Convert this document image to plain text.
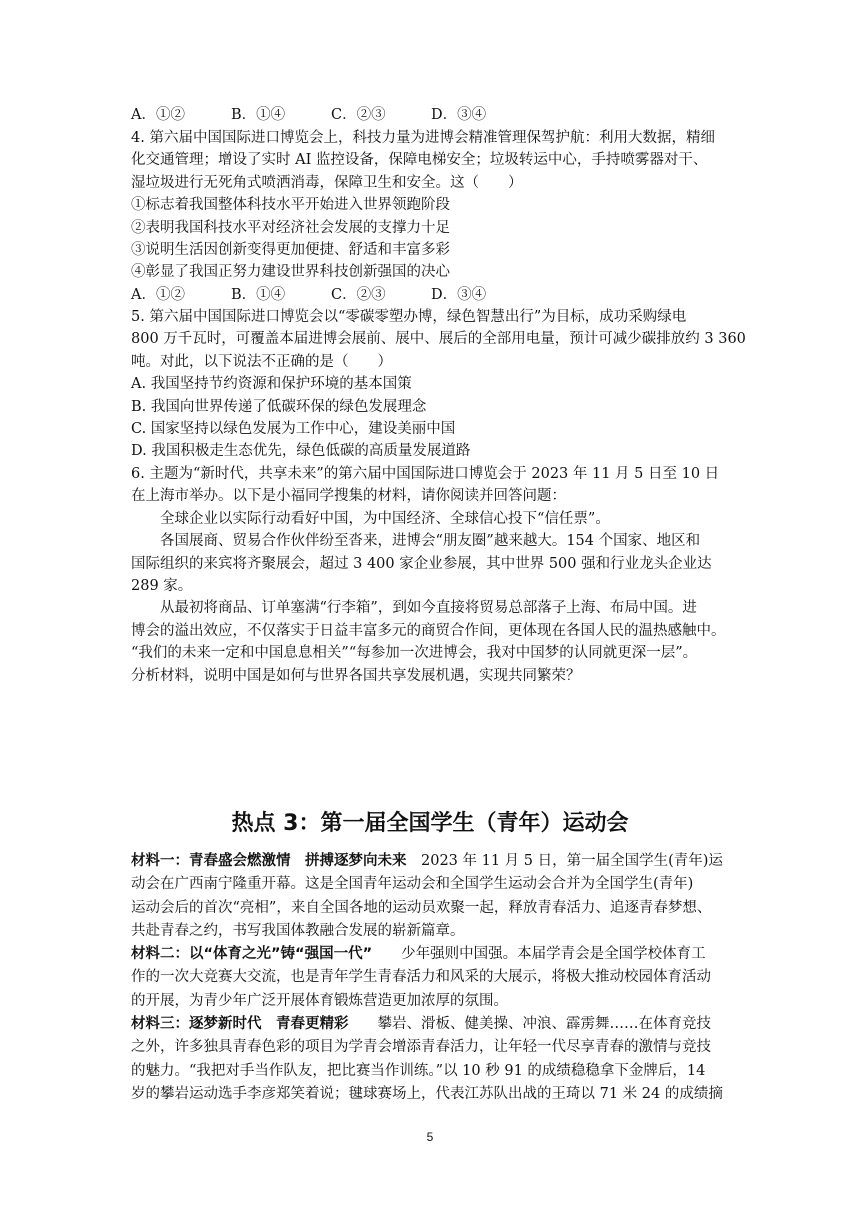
A．①②	B．①④	C．②③	D．③④
4. 第六届中国国际进口博览会上，科技力量为进博会精准管理保驾护航：利用大数据，精细
化交通管理；增设了实时 AI 监控设备，保障电梯安全；垃圾转运中心，手持喷雾器对干、
湿垃圾进行无死角式喷洒消毒，保障卫生和安全。这（　　）
①标志着我国整体科技水平开始进入世界领跑阶段
②表明我国科技水平对经济社会发展的支撑力十足
③说明生活因创新变得更加便捷、舒适和丰富多彩
④彰显了我国正努力建设世界科技创新强国的决心
A．①②	B．①④	C．②③	D．③④
5. 第六届中国国际进口博览会以“零碳零塑办博，绿色智慧出行”为目标，成功采购绿电
800 万千瓦时，可覆盖本届进博会展前、展中、展后的全部用电量，预计可减少碳排放约 3 360
吨。对此，以下说法不正确的是（　　）
A. 我国坚持节约资源和保护环境的基本国策
B. 我国向世界传递了低碳环保的绿色发展理念
C. 国家坚持以绿色发展为工作中心，建设美丽中国
D. 我国积极走生态优先，绿色低碳的高质量发展道路
6. 主题为“新时代，共享未来”的第六届中国国际进口博览会于 2023 年 11 月 5 日至 10 日
在上海市举办。以下是小福同学搜集的材料，请你阅读并回答问题：
全球企业以实际行动看好中国，为中国经济、全球信心投下“信任票”。
各国展商、贸易合作伙伴纷至沓来，进博会“朋友圈”越来越大。154 个国家、地区和
国际组织的来宾将齐聚展会，超过 3 400 家企业参展，其中世界 500 强和行业龙头企业达
289 家。
从最初将商品、订单塞满“行李箱”，到如今直接将贸易总部落子上海、布局中国。进
博会的溢出效应，不仅落实于日益丰富多元的商贸合作间，更体现在各国人民的温热感触中。
“我们的未来一定和中国息息相关”“每参加一次进博会，我对中国梦的认同就更深一层”。
分析材料，说明中国是如何与世界各国共享发展机遇，实现共同繁荣？
热点 3：第一届全国学生（青年）运动会
材料一：青春盛会燃激情　拼搏逐梦向未来　2023 年 11 月 5 日，第一届全国学生(青年)运
动会在广西南宁隆重开幕。这是全国青年运动会和全国学生运动会合并为全国学生(青年)
运动会后的首次“亮相”，来自全国各地的运动员欢聚一起，释放青春活力、追逐青春梦想、
共赴青春之约，书写我国体教融合发展的崭新篇章。
材料二：以“体育之光”铸“强国一代”　　少年强则中国强。本届学青会是全国学校体育工
作的一次大竞赛大交流，也是青年学生青春活力和风采的大展示，将极大推动校园体育活动
的开展，为青少年广泛开展体育锻炼营造更加浓厚的氛围。
材料三：逐梦新时代　青春更精彩　　攀岩、滑板、健美操、冲浪、霹雳舞……在体育竞技
之外，许多独具青春色彩的项目为学青会增添青春活力，让年轻一代尽享青春的激情与竞技
的魅力。“我把对手当作队友，把比赛当作训练。”以 10 秒 91 的成绩稳稳拿下金牌后，14
岁的攀岩运动选手李彦郑笑着说；毽球赛场上，代表江苏队出战的王琦以 71 米 24 的成绩摘
5
